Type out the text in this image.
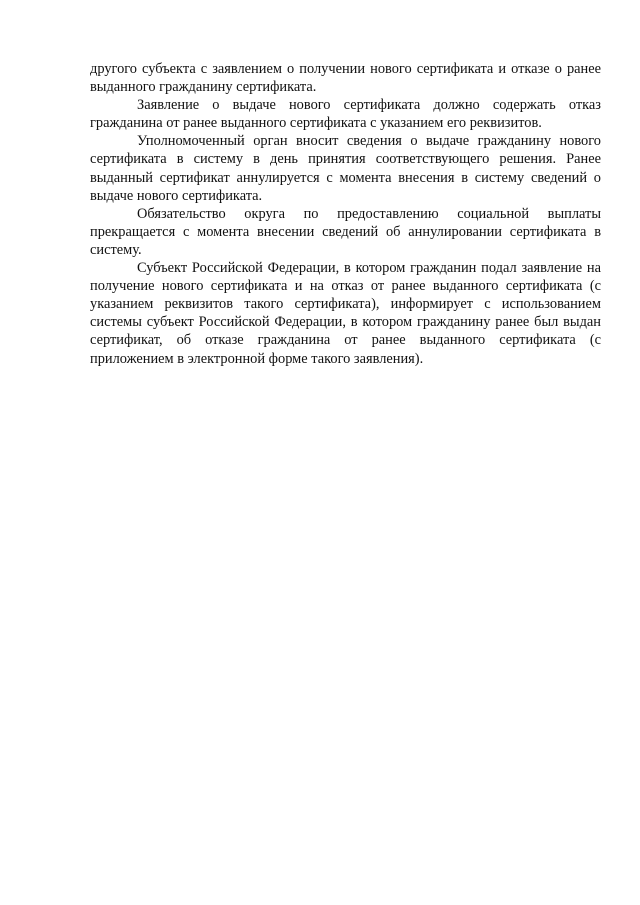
другого субъекта с заявлением о получении нового сертификата и отказе о ранее выданного гражданину сертификата.

Заявление о выдаче нового сертификата должно содержать отказ гражданина от ранее выданного сертификата с указанием его реквизитов.

Уполномоченный орган вносит сведения о выдаче гражданину нового сертификата в систему в день принятия соответствующего решения. Ранее выданный сертификат аннулируется с момента внесения в систему сведений о выдаче нового сертификата.

Обязательство округа по предоставлению социальной выплаты прекращается с момента внесении сведений об аннулировании сертификата в систему.

Субъект Российской Федерации, в котором гражданин подал заявление на получение нового сертификата и на отказ от ранее выданного сертификата (с указанием реквизитов такого сертификата), информирует с использованием системы субъект Российской Федерации, в котором гражданину ранее был выдан сертификат, об отказе гражданина от ранее выданного сертификата (с приложением в электронной форме такого заявления).
